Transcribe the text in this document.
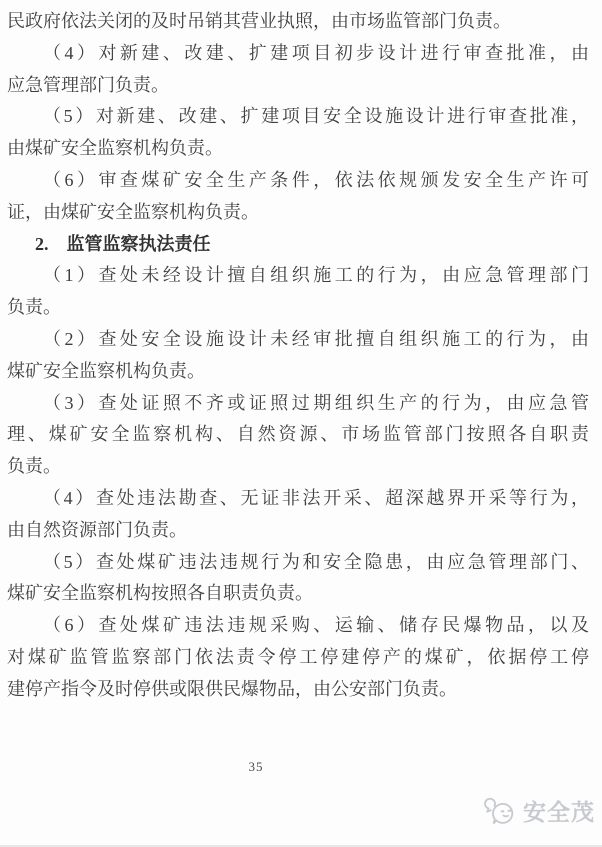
民政府依法关闭的及时吊销其营业执照，由市场监管部门负责。
（4）对新建、改建、扩建项目初步设计进行审查批准，由
应急管理部门负责。
（5）对新建、改建、扩建项目安全设施设计进行审查批准，
由煤矿安全监察机构负责。
（6）审查煤矿安全生产条件，依法依规颁发安全生产许可
证，由煤矿安全监察机构负责。
2.　监管监察执法责任
（1）查处未经设计擅自组织施工的行为，由应急管理部门
负责。
（2）查处安全设施设计未经审批擅自组织施工的行为，由
煤矿安全监察机构负责。
（3）查处证照不齐或证照过期组织生产的行为，由应急管
理、煤矿安全监察机构、自然资源、市场监管部门按照各自职责
负责。
（4）查处违法勘查、无证非法开采、超深越界开采等行为，
由自然资源部门负责。
（5）查处煤矿违法违规行为和安全隐患，由应急管理部门、
煤矿安全监察机构按照各自职责负责。
（6）查处煤矿违法违规采购、运输、储存民爆物品，以及
对煤矿监管监察部门依法责令停工停建停产的煤矿，依据停工停
建停产指令及时停供或限供民爆物品，由公安部门负责。
35
安全茂
